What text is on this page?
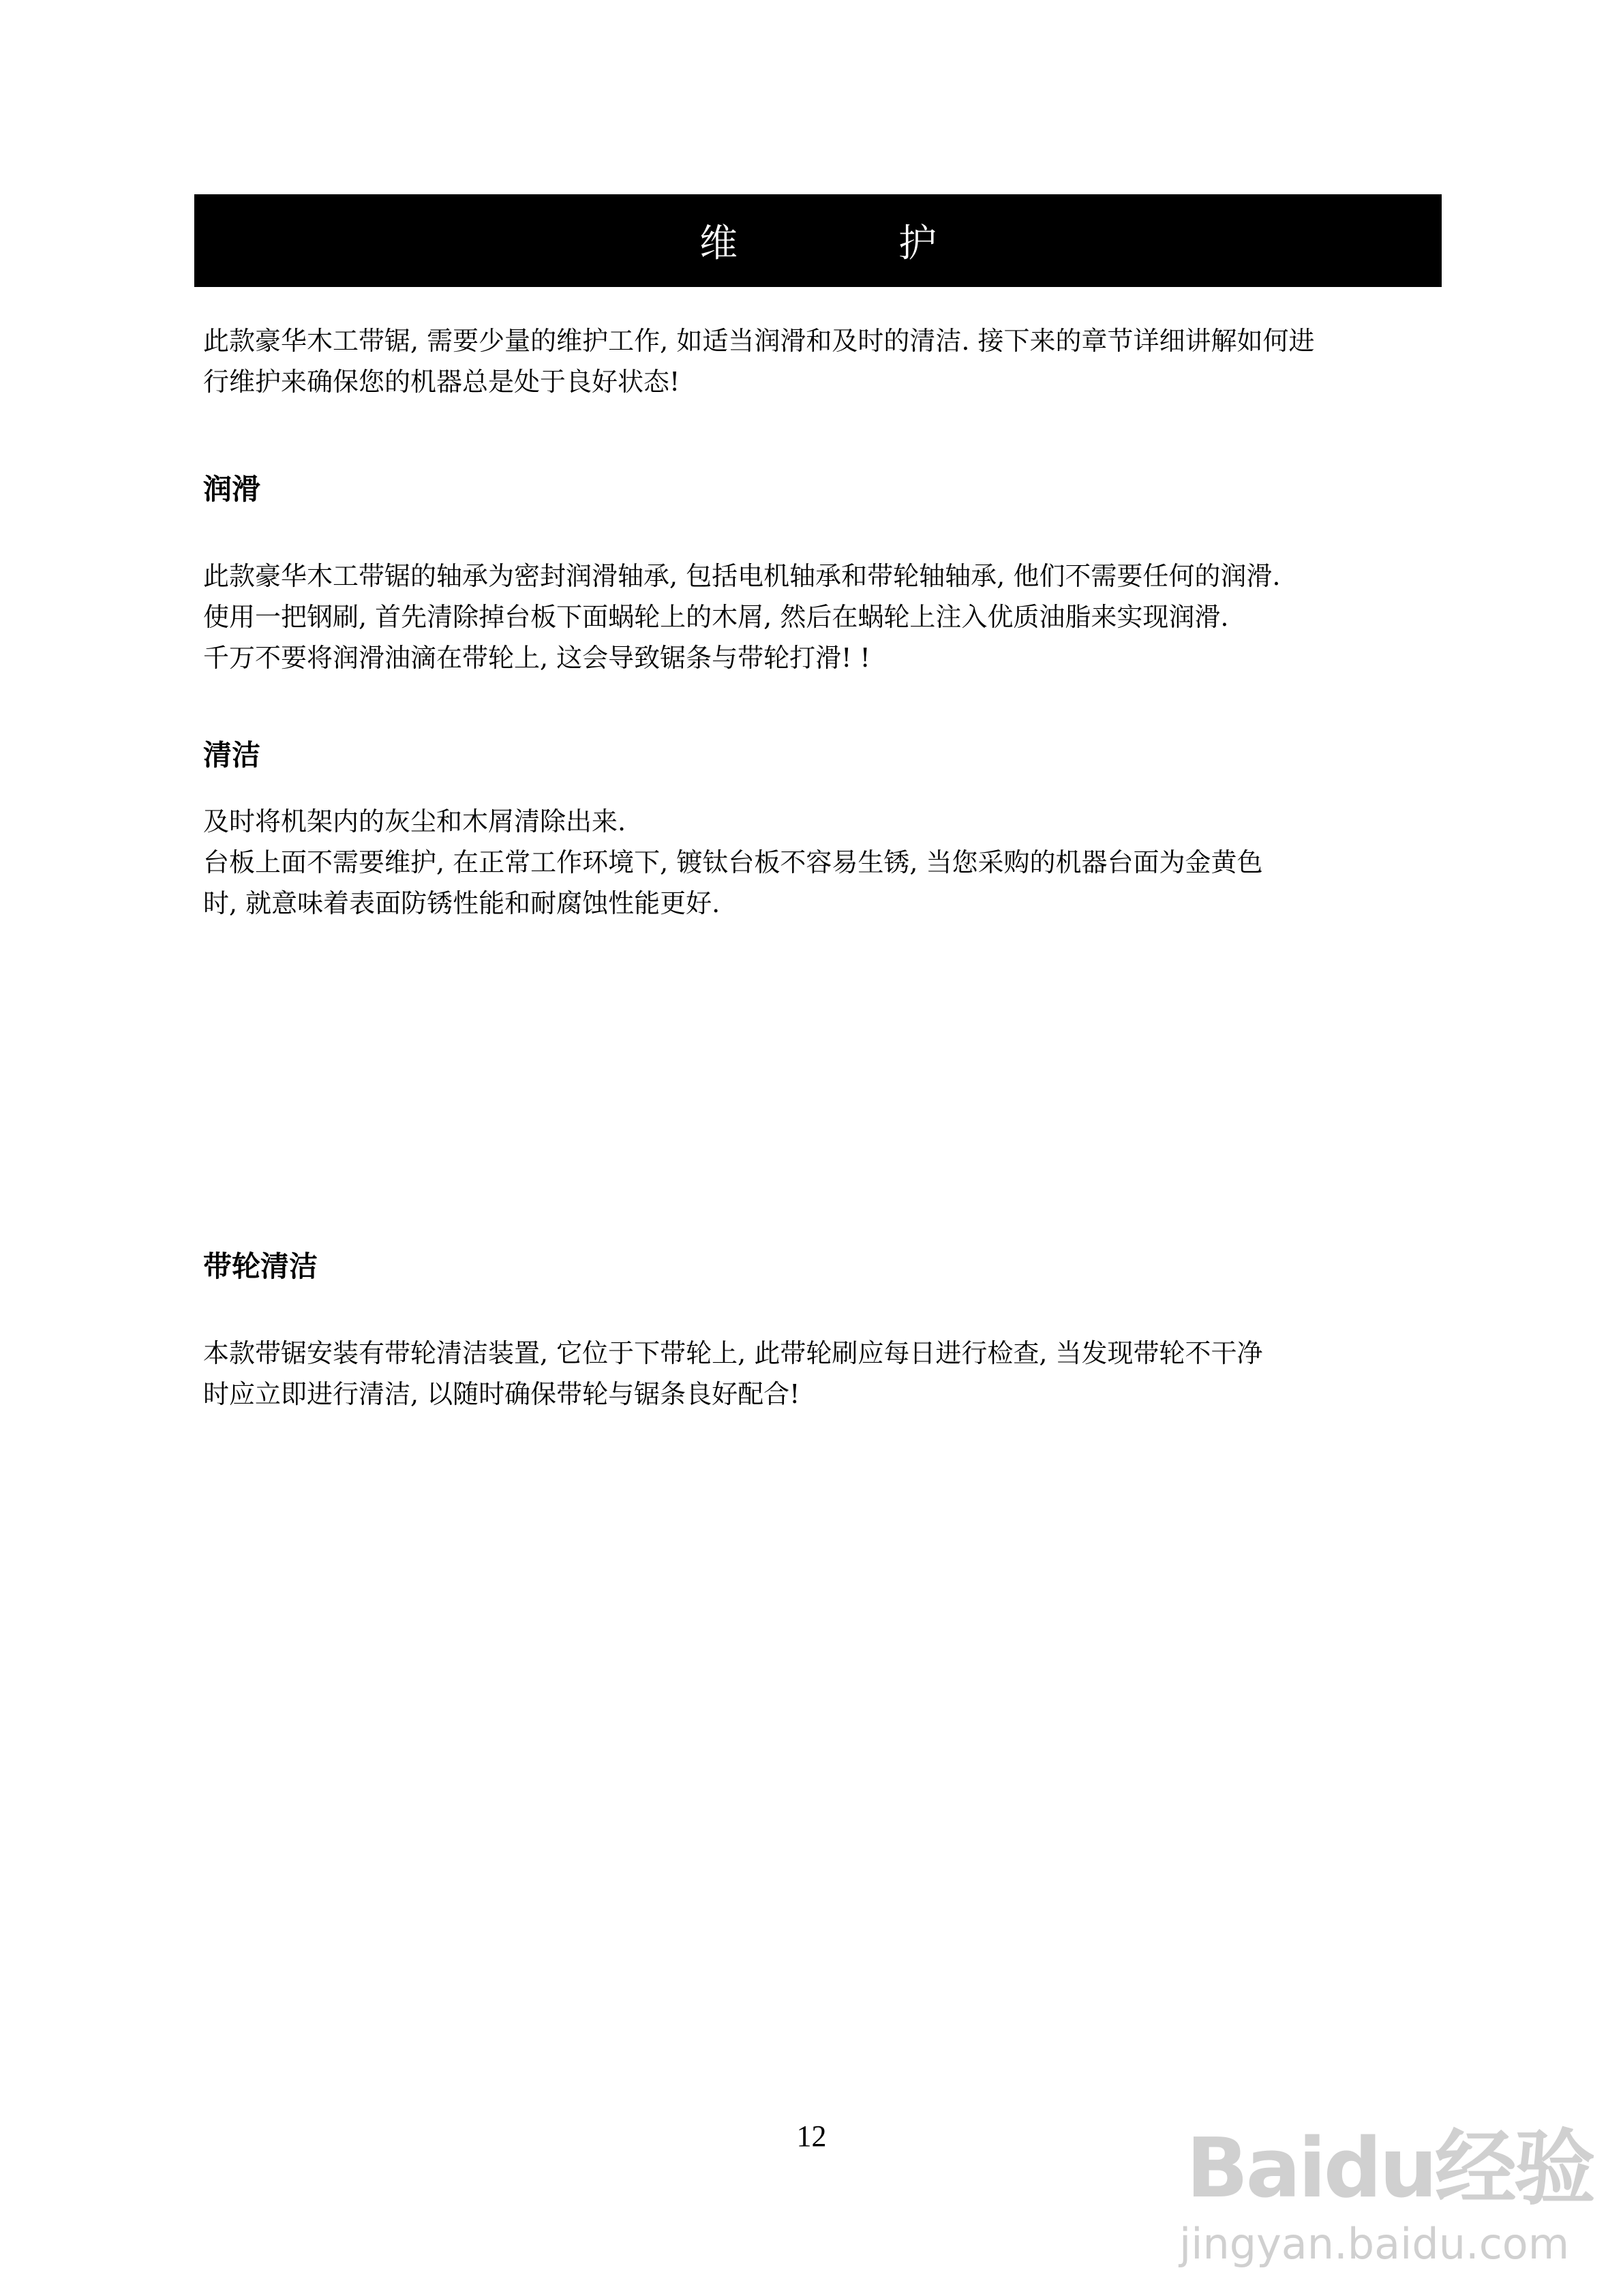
维　护

此款豪华木工带锯, 需要少量的维护工作, 如适当润滑和及时的清洁. 接下来的章节详细讲解如何进
行维护来确保您的机器总是处于良好状态!

润滑

此款豪华木工带锯的轴承为密封润滑轴承, 包括电机轴承和带轮轴轴承, 他们不需要任何的润滑.
使用一把钢刷, 首先清除掉台板下面蜗轮上的木屑, 然后在蜗轮上注入优质油脂来实现润滑.
千万不要将润滑油滴在带轮上, 这会导致锯条与带轮打滑! !

清洁

及时将机架内的灰尘和木屑清除出来.
台板上面不需要维护, 在正常工作环境下, 镀钛台板不容易生锈, 当您采购的机器台面为金黄色
时, 就意味着表面防锈性能和耐腐蚀性能更好.

带轮清洁

本款带锯安装有带轮清洁装置, 它位于下带轮上, 此带轮刷应每日进行检查, 当发现带轮不干净
时应立即进行清洁, 以随时确保带轮与锯条良好配合!

12	Baidu经验
jingyan.baidu.com
